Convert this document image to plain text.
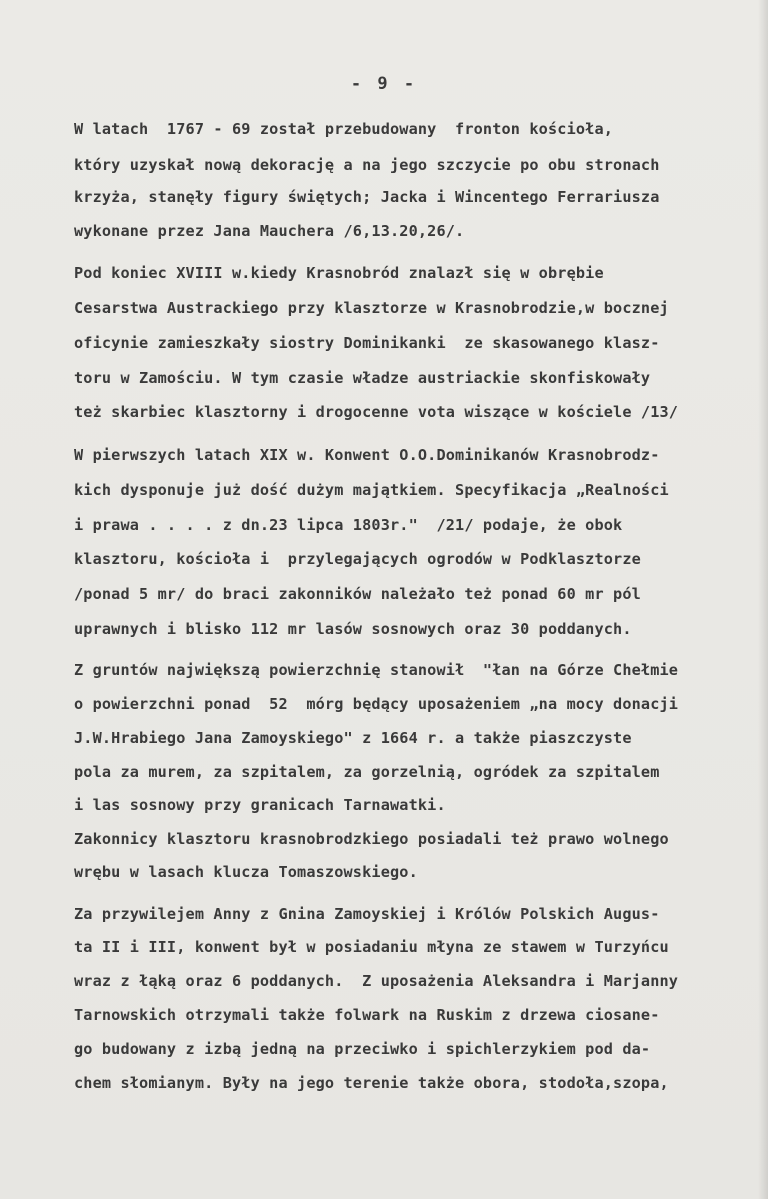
- 9 -
W latach  1767 - 69 został przebudowany  fronton kościoła,
który uzyskał nową dekorację a na jego szczycie po obu stronach
krzyża, stanęły figury świętych; Jacka i Wincentego Ferrariusza
wykonane przez Jana Mauchera /6,13.20,26/.
Pod koniec XVIII w.kiedy Krasnobród znalazł się w obrębie
Cesarstwa Austrackiego przy klasztorze w Krasnobrodzie,w bocznej
oficynie zamieszkały siostry Dominikanki  ze skasowanego klasz-
toru w Zamościu. W tym czasie władze austriackie skonfiskowały
też skarbiec klasztorny i drogocenne vota wiszące w kościele /13/
W pierwszych latach XIX w. Konwent O.O.Dominikanów Krasnobrodz-
kich dysponuje już dość dużym majątkiem. Specyfikacja „Realności
i prawa . . . . z dn.23 lipca 1803r."  /21/ podaje, że obok
klasztoru, kościoła i  przylegających ogrodów w Podklasztorze
/ponad 5 mr/ do braci zakonników należało też ponad 60 mr pól
uprawnych i blisko 112 mr lasów sosnowych oraz 30 poddanych.
Z gruntów największą powierzchnię stanowił  "łan na Górze Chełmie
o powierzchni ponad  52  mórg będący uposażeniem „na mocy donacji
J.W.Hrabiego Jana Zamoyskiego" z 1664 r. a także piaszczyste
pola za murem, za szpitalem, za gorzelnią, ogródek za szpitalem
i las sosnowy przy granicach Tarnawatki.
Zakonnicy klasztoru krasnobrodzkiego posiadali też prawo wolnego
wrębu w lasach klucza Tomaszowskiego.
Za przywilejem Anny z Gnina Zamoyskiej i Królów Polskich Augus-
ta II i III, konwent był w posiadaniu młyna ze stawem w Turzyńcu
wraz z łąką oraz 6 poddanych.  Z uposażenia Aleksandra i Marjanny
Tarnowskich otrzymali także folwark na Ruskim z drzewa ciosane-
go budowany z izbą jedną na przeciwko i spichlerzykiem pod da-
chem słomianym. Były na jego terenie także obora, stodoła,szopa,
